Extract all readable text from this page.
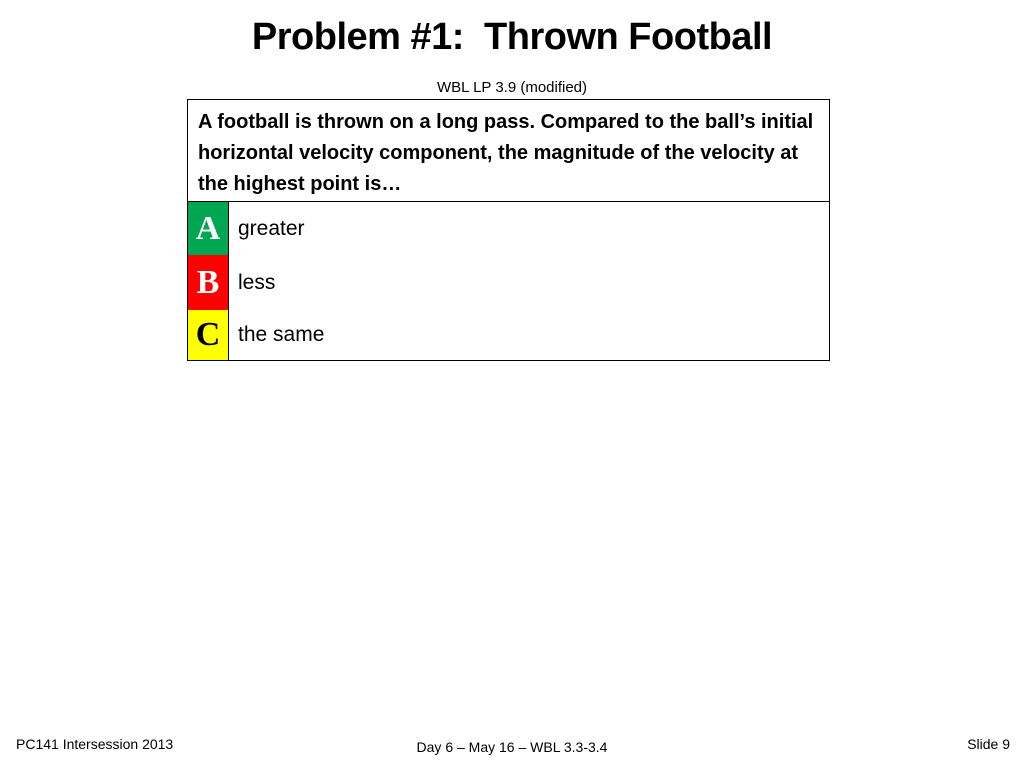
Problem #1:  Thrown Football
WBL LP 3.9 (modified)
A football is thrown on a long pass. Compared to the ball’s initial horizontal velocity component, the magnitude of the velocity at the highest point is…
A greater
B less
C the same
PC141 Intersession 2013	Day 6 – May 16 – WBL 3.3-3.4	Slide 9
